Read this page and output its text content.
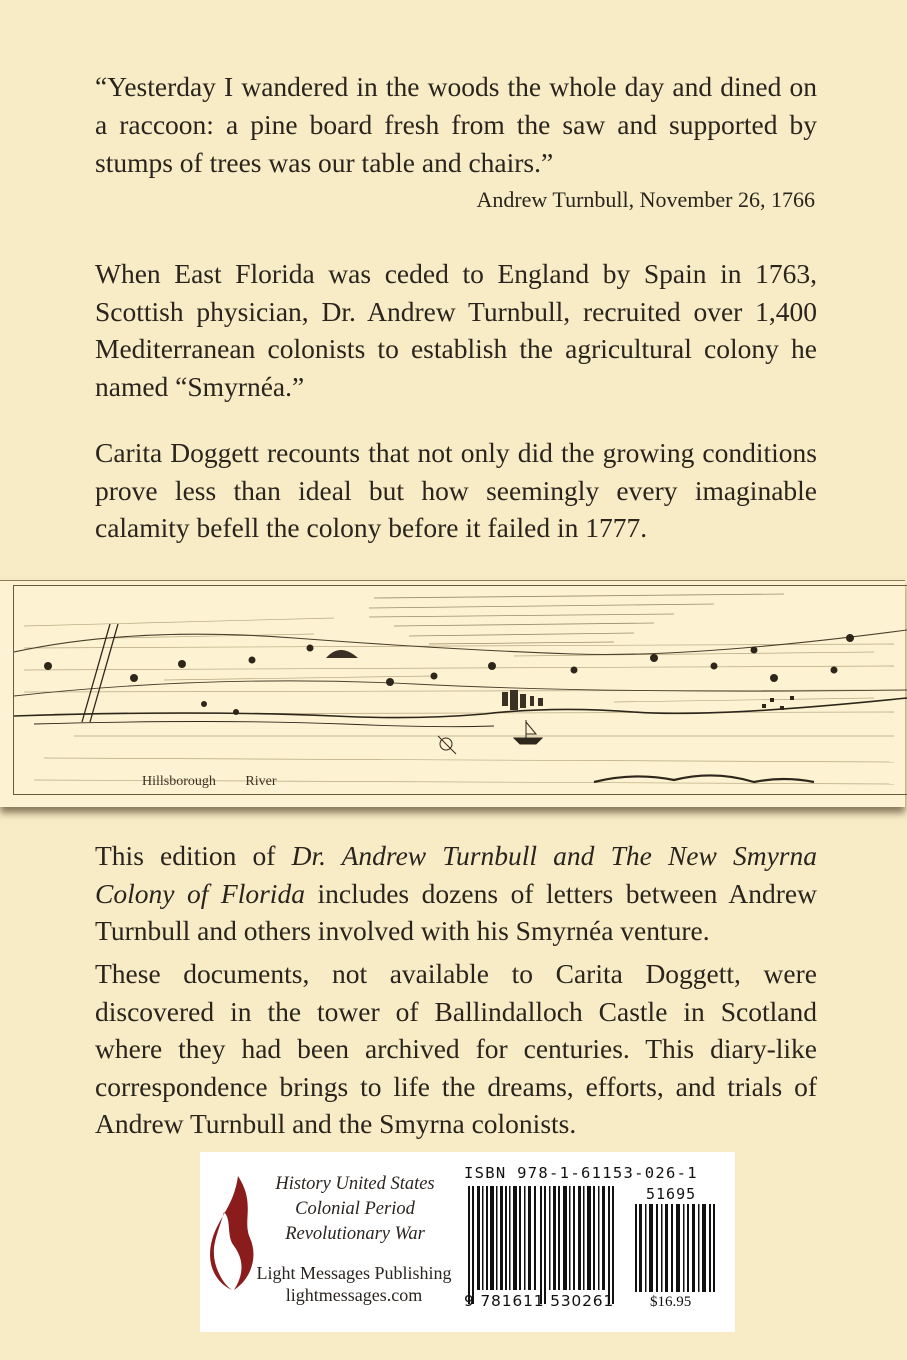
“Yesterday I wandered in the woods the whole day and dined on a raccoon: a pine board fresh from the saw and supported by stumps of trees was our table and chairs.”
Andrew Turnbull, November 26, 1766

When East Florida was ceded to England by Spain in 1763, Scottish physician, Dr. Andrew Turnbull, recruited over 1,400 Mediterranean colonists to establish the agricultural colony he named “Smyrnéa.”

Carita Doggett recounts that not only did the growing conditions prove less than ideal but how seemingly every imaginable calamity befell the colony before it failed in 1777.

Hillsborough River

This edition of Dr. Andrew Turnbull and The New Smyrna Colony of Florida includes dozens of letters between Andrew Turnbull and others involved with his Smyrnéa venture.

These documents, not available to Carita Doggett, were discovered in the tower of Ballindalloch Castle in Scotland where they had been archived for centuries. This diary-like correspondence brings to life the dreams, efforts, and trials of Andrew Turnbull and the Smyrna colonists.

History United States
Colonial Period
Revolutionary War
Light Messages Publishing
lightmessages.com
ISBN 978-1-61153-026-1
51695
9 781611 530261 $16.95
